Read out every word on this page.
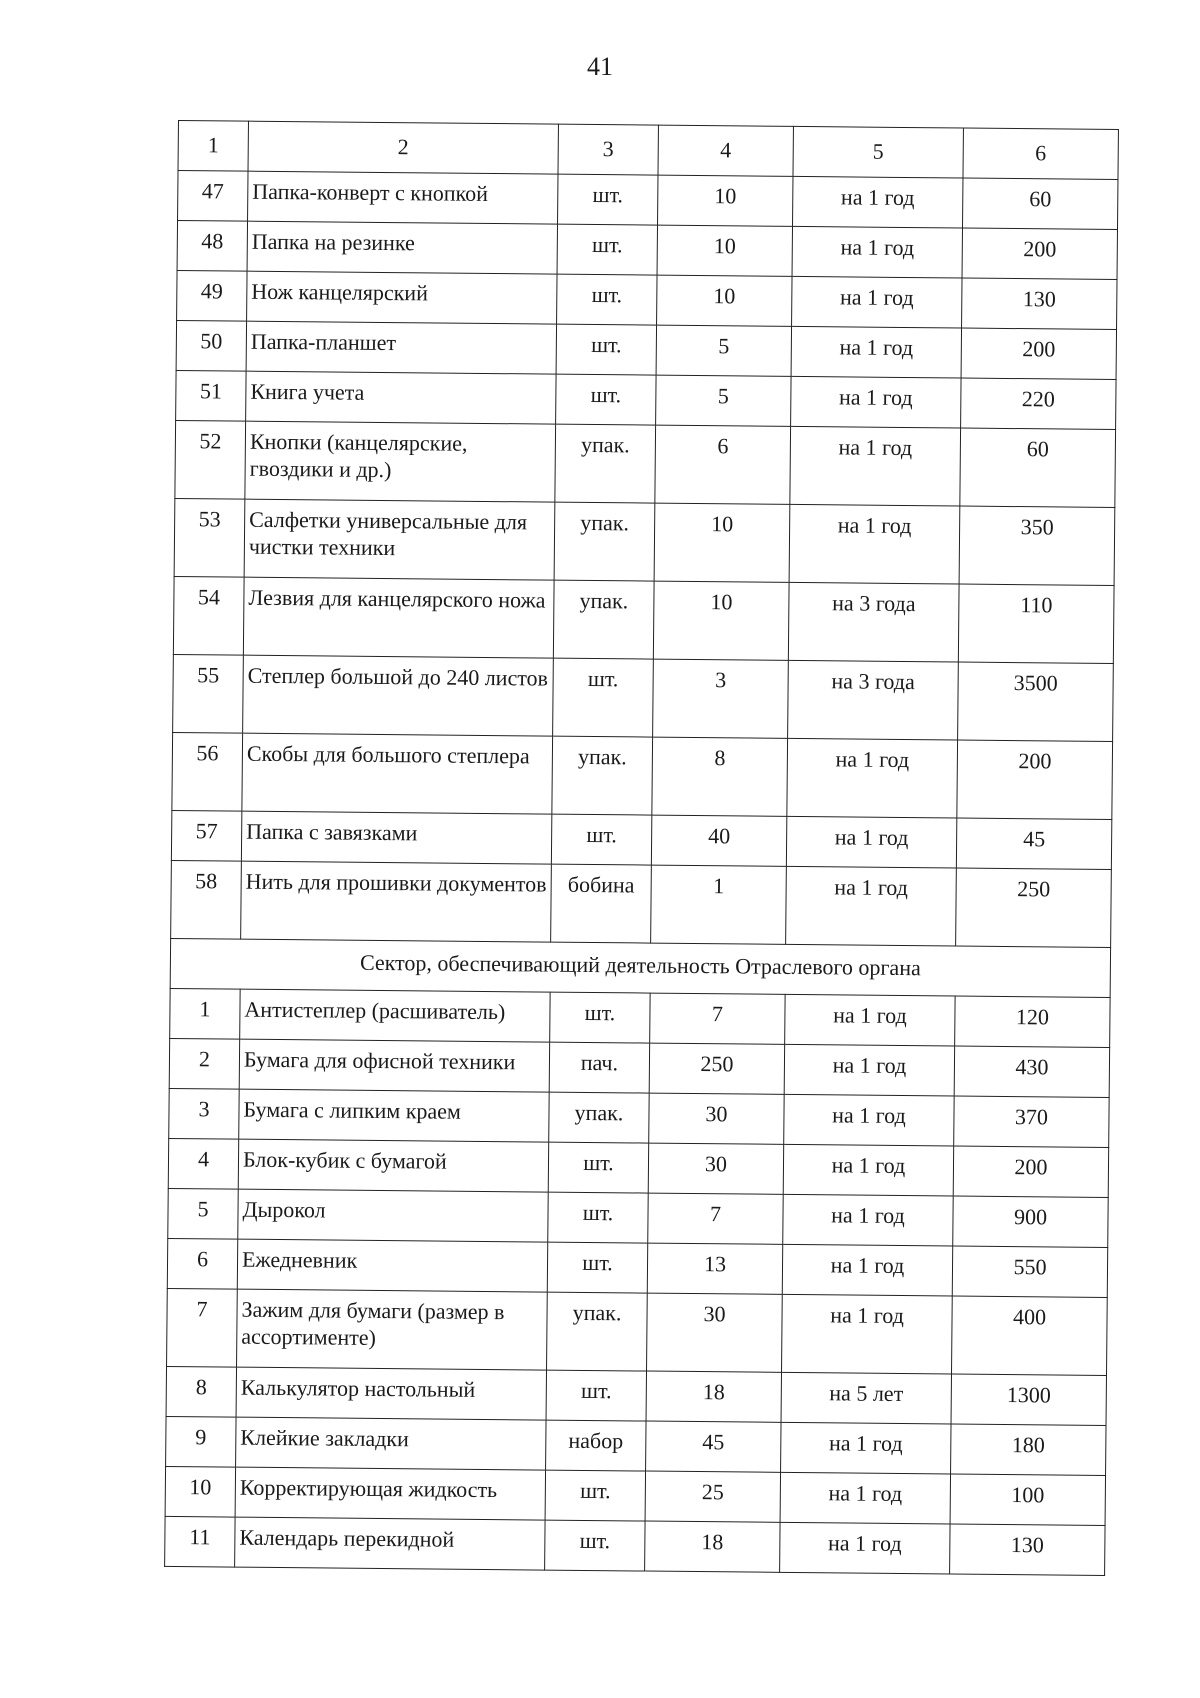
41
1	2	3	4	5	6
47	Папка-конверт с кнопкой	шт.	10	на 1 год	60
48	Папка на резинке	шт.	10	на 1 год	200
49	Нож канцелярский	шт.	10	на 1 год	130
50	Папка-планшет	шт.	5	на 1 год	200
51	Книга учета	шт.	5	на 1 год	220
52	Кнопки (канцелярские, гвоздики и др.)	упак.	6	на 1 год	60
53	Салфетки универсальные для чистки техники	упак.	10	на 1 год	350
54	Лезвия для канцелярского ножа	упак.	10	на 3 года	110
55	Степлер большой до 240 листов	шт.	3	на 3 года	3500
56	Скобы для большого степлера	упак.	8	на 1 год	200
57	Папка с завязками	шт.	40	на 1 год	45
58	Нить для прошивки документов	бобина	1	на 1 год	250
Сектор, обеспечивающий деятельность Отраслевого органа					
1	Антистеплер (расшиватель)	шт.	7	на 1 год	120
2	Бумага для офисной техники	пач.	250	на 1 год	430
3	Бумага с липким краем	упак.	30	на 1 год	370
4	Блок-кубик с бумагой	шт.	30	на 1 год	200
5	Дырокол	шт.	7	на 1 год	900
6	Ежедневник	шт.	13	на 1 год	550
7	Зажим для бумаги (размер в ассортименте)	упак.	30	на 1 год	400
8	Калькулятор настольный	шт.	18	на 5 лет	1300
9	Клейкие закладки	набор	45	на 1 год	180
10	Корректирующая жидкость	шт.	25	на 1 год	100
11	Календарь перекидной	шт.	18	на 1 год	130
